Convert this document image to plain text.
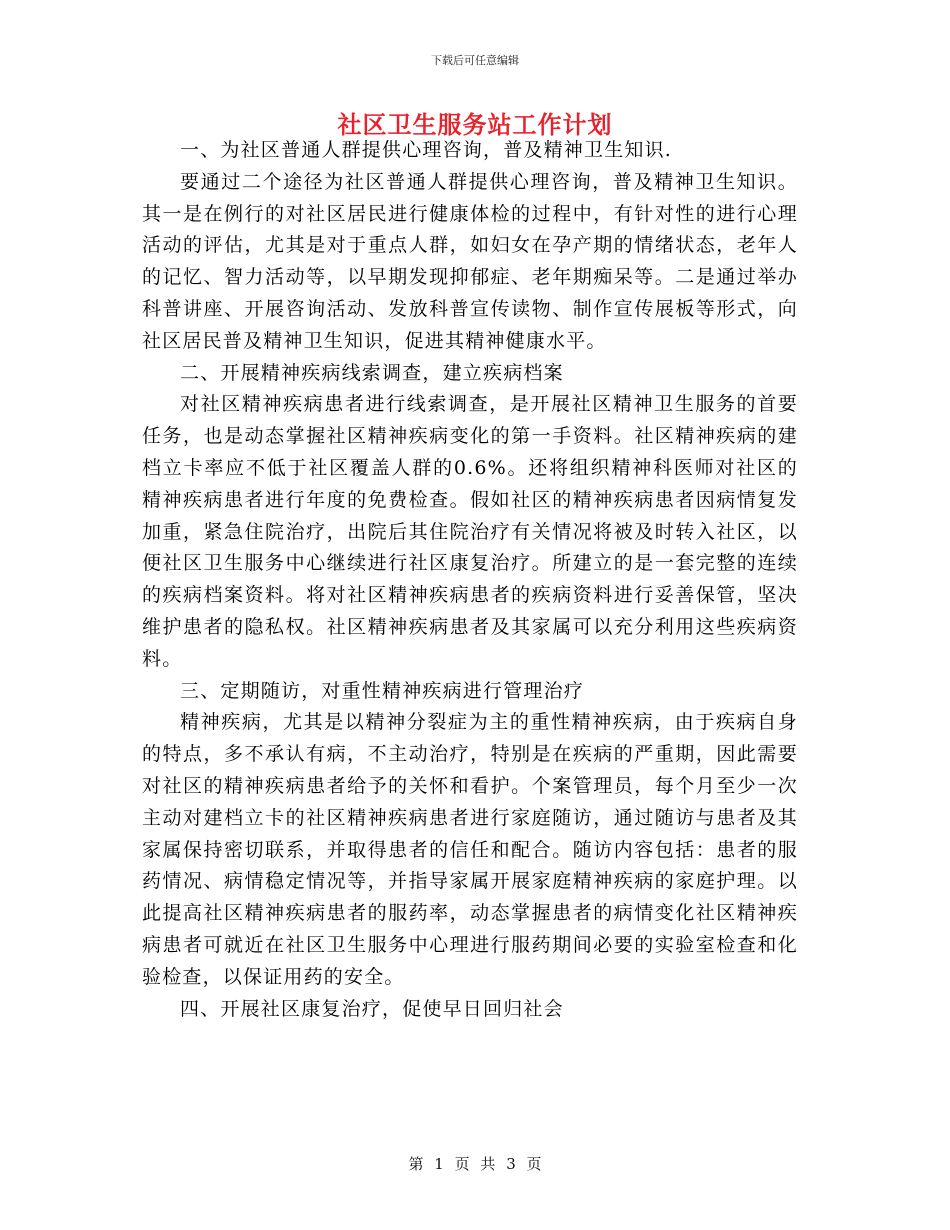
下载后可任意编辑
社区卫生服务站工作计划

一、为社区普通人群提供心理咨询，普及精神卫生知识.

要通过二个途径为社区普通人群提供心理咨询，普及精神卫生知识。其一是在例行的对社区居民进行健康体检的过程中，有针对性的进行心理活动的评估，尤其是对于重点人群，如妇女在孕产期的情绪状态，老年人的记忆、智力活动等，以早期发现抑郁症、老年期痴呆等。二是通过举办科普讲座、开展咨询活动、发放科普宣传读物、制作宣传展板等形式，向社区居民普及精神卫生知识，促进其精神健康水平。

二、开展精神疾病线索调查，建立疾病档案

对社区精神疾病患者进行线索调查，是开展社区精神卫生服务的首要任务，也是动态掌握社区精神疾病变化的第一手资料。社区精神疾病的建档立卡率应不低于社区覆盖人群的0.6%。还将组织精神科医师对社区的精神疾病患者进行年度的免费检查。假如社区的精神疾病患者因病情复发加重，紧急住院治疗，出院后其住院治疗有关情况将被及时转入社区，以便社区卫生服务中心继续进行社区康复治疗。所建立的是一套完整的连续的疾病档案资料。将对社区精神疾病患者的疾病资料进行妥善保管，坚决维护患者的隐私权。社区精神疾病患者及其家属可以充分利用这些疾病资料。

三、定期随访，对重性精神疾病进行管理治疗

精神疾病，尤其是以精神分裂症为主的重性精神疾病，由于疾病自身的特点，多不承认有病，不主动治疗，特别是在疾病的严重期，因此需要对社区的精神疾病患者给予的关怀和看护。个案管理员，每个月至少一次主动对建档立卡的社区精神疾病患者进行家庭随访，通过随访与患者及其家属保持密切联系，并取得患者的信任和配合。随访内容包括：患者的服药情况、病情稳定情况等，并指导家属开展家庭精神疾病的家庭护理。以此提高社区精神疾病患者的服药率，动态掌握患者的病情变化社区精神疾病患者可就近在社区卫生服务中心理进行服药期间必要的实验室检查和化验检查，以保证用药的安全。

四、开展社区康复治疗，促使早日回归社会

第 1 页 共 3 页
